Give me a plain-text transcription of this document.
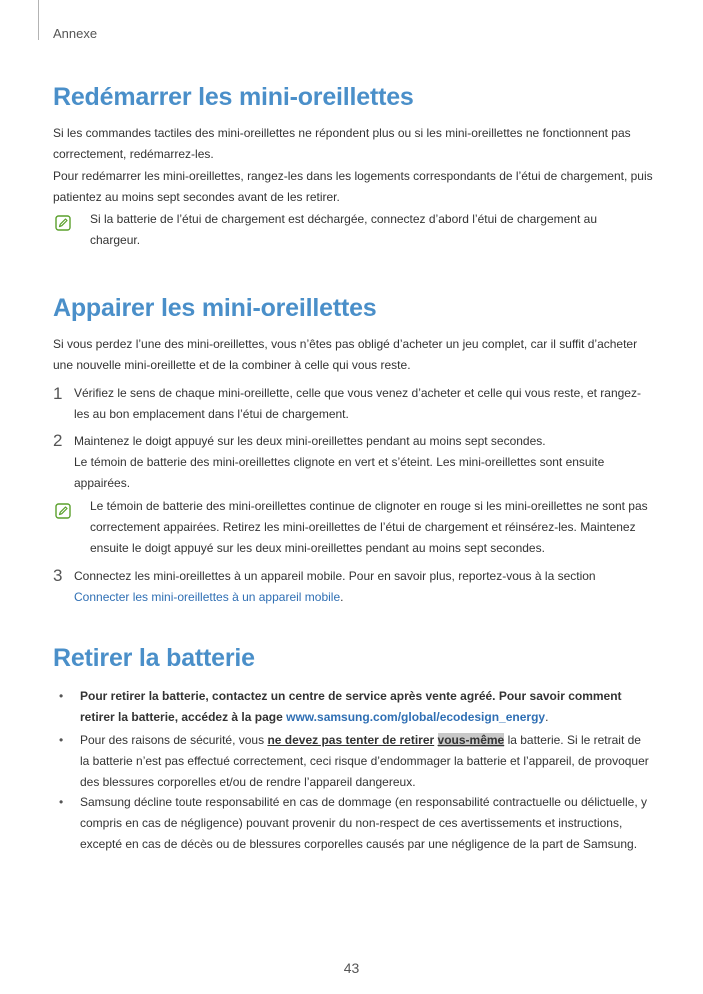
Annexe
Redémarrer les mini-oreillettes

Si les commandes tactiles des mini-oreillettes ne répondent plus ou si les mini-oreillettes ne fonctionnent pas correctement, redémarrez-les.

Pour redémarrer les mini-oreillettes, rangez-les dans les logements correspondants de l’étui de chargement, puis patientez au moins sept secondes avant de les retirer.

Si la batterie de l’étui de chargement est déchargée, connectez d’abord l’étui de chargement au chargeur.

Appairer les mini-oreillettes

Si vous perdez l’une des mini-oreillettes, vous n’êtes pas obligé d’acheter un jeu complet, car il suffit d’acheter une nouvelle mini-oreillette et de la combiner à celle qui vous reste.

1 Vérifiez le sens de chaque mini-oreillette, celle que vous venez d’acheter et celle qui vous reste, et rangez-les au bon emplacement dans l’étui de chargement.

2 Maintenez le doigt appuyé sur les deux mini-oreillettes pendant au moins sept secondes.

Le témoin de batterie des mini-oreillettes clignote en vert et s’éteint. Les mini-oreillettes sont ensuite appairées.

Le témoin de batterie des mini-oreillettes continue de clignoter en rouge si les mini-oreillettes ne sont pas correctement appairées. Retirez les mini-oreillettes de l’étui de chargement et réinsérez-les. Maintenez ensuite le doigt appuyé sur les deux mini-oreillettes pendant au moins sept secondes.

3 Connectez les mini-oreillettes à un appareil mobile. Pour en savoir plus, reportez-vous à la section
Connecter les mini-oreillettes à un appareil mobile.

Retirer la batterie
• Pour retirer la batterie, contactez un centre de service après vente agréé. Pour savoir comment retirer la batterie, accédez à la page www.samsung.com/global/ecodesign_energy.

• Pour des raisons de sécurité, vous ne devez pas tenter de retirer vous-même la batterie. Si le retrait de la batterie n’est pas effectué correctement, ceci risque d’endommager la batterie et l’appareil, de provoquer des blessures corporelles et/ou de rendre l’appareil dangereux.

• Samsung décline toute responsabilité en cas de dommage (en responsabilité contractuelle ou délictuelle, y compris en cas de négligence) pouvant provenir du non-respect de ces avertissements et instructions, excepté en cas de décès ou de blessures corporelles causés par une négligence de la part de Samsung.

43
